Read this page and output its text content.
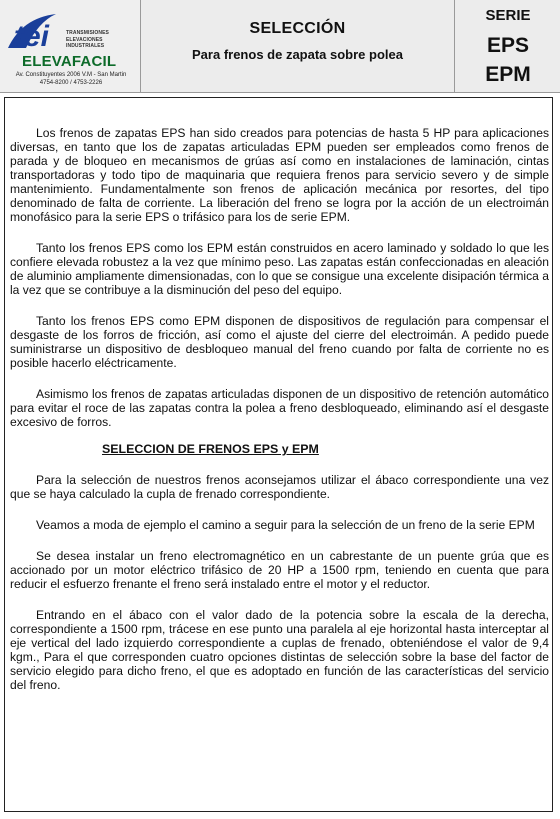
tei	TRANSMISIONES
ELEVACIONES
INDUSTRIALES
ELEVAFACIL
Av. Constituyentes 2006 V.M - San Martin
4754-8200 / 4753-2226
SELECCIÓN
Para frenos de zapata sobre polea
SERIE
EPS
EPM

Los frenos de zapatas EPS han sido creados para potencias de hasta 5 HP para aplicaciones diversas, en tanto que los de zapatas articuladas EPM pueden ser empleados como frenos de parada y de bloqueo en mecanismos de grúas así como en instalaciones de laminación, cintas transportadoras y todo tipo de maquinaria que requiera frenos para servicio severo y de simple mantenimiento. Fundamentalmente son frenos de aplicación mecánica por resortes, del tipo denominado de falta de corriente. La liberación del freno se logra por la acción de un electroimán monofásico para la serie EPS o trifásico para los de serie EPM.

Tanto los frenos EPS como los EPM están construidos en acero laminado y soldado lo que les confiere elevada robustez a la vez que mínimo peso. Las zapatas están confeccionadas en aleación de aluminio ampliamente dimensionadas, con lo que se consigue una excelente disipación térmica a la vez que se contribuye a la disminución del peso del equipo.

Tanto los frenos EPS como EPM disponen de dispositivos de regulación para compensar el desgaste de los forros de fricción, así como el ajuste del cierre del electroimán. A pedido puede suministrarse un dispositivo de desbloqueo manual del freno cuando por falta de corriente no es posible hacerlo eléctricamente.

Asimismo los frenos de zapatas articuladas disponen de un dispositivo de retención automático para evitar el roce de las zapatas contra la polea a freno desbloqueado, eliminando así el desgaste excesivo de forros.

SELECCION DE FRENOS EPS y EPM

Para la selección de nuestros frenos aconsejamos utilizar el ábaco correspondiente una vez que se haya calculado la cupla de frenado correspondiente.

Veamos a moda de ejemplo el camino a seguir para la selección de un freno de la serie EPM

Se desea instalar un freno electromagnético en un cabrestante de un puente grúa que es accionado por un motor eléctrico trifásico de 20 HP a 1500 rpm, teniendo en cuenta que para reducir el esfuerzo frenante el freno será instalado entre el motor y el reductor.

Entrando en el ábaco con el valor dado de la potencia sobre la escala de la derecha, correspondiente a 1500 rpm, trácese en ese punto una paralela al eje horizontal hasta interceptar al eje vertical del lado izquierdo correspondiente a cuplas de frenado, obteniéndose el valor de 9,4 kgm., Para el que corresponden cuatro opciones distintas de selección sobre la base del factor de servicio elegido para dicho freno, el que es adoptado en función de las características del servicio del freno.
